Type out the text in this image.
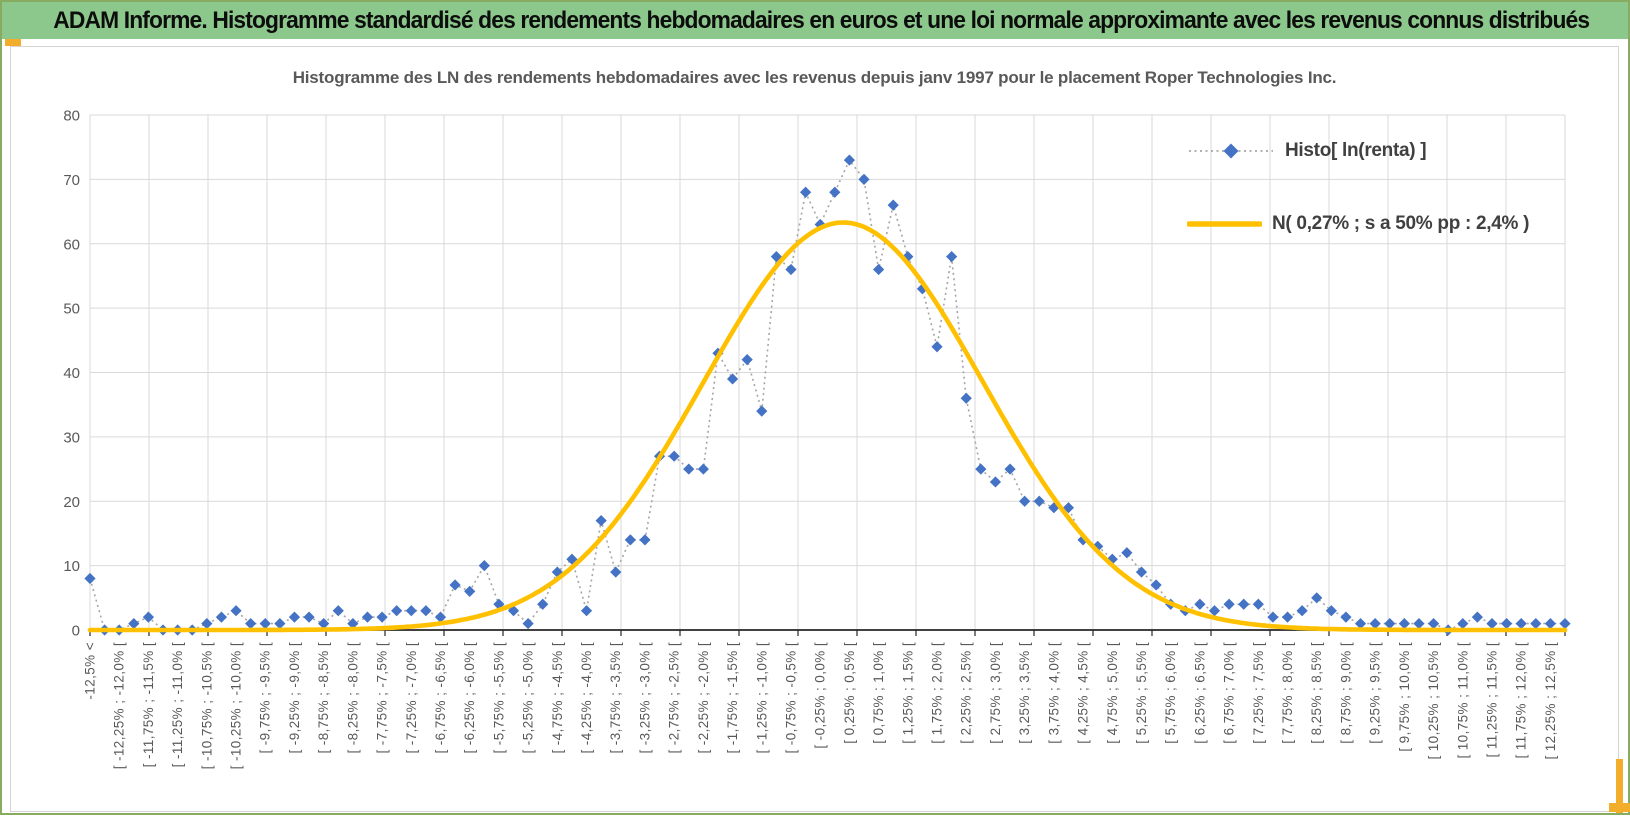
ADAM Informe. Histogramme standardisé des rendements hebdomadaires en euros et une loi normale approximante avec les revenus connus distribués
Histogramme des LN des rendements hebdomadaires avec les revenus depuis janv 1997 pour le placement Roper Technologies Inc.
0
10
20
30
40
50
60
70
80
-12,5% < [ -12,25% ; -12,0% [ [ -11,75% ; -11,5% [ [ -11,25% ; -11,0% [ [ -10,75% ; -10,5% [ [ -10,25% ; -10,0% [ [ -9,75% ; -9,5% [ [ -9,25% ; -9,0% [ [ -8,75% ; -8,5% [ [ -8,25% ; -8,0% [ [ -7,75% ; -7,5% [ [ -7,25% ; -7,0% [ [ -6,75% ; -6,5% [ [ -6,25% ; -6,0% [ [ -5,75% ; -5,5% [ [ -5,25% ; -5,0% [ [ -4,75% ; -4,5% [ [ -4,25% ; -4,0% [ [ -3,75% ; -3,5% [ [ -3,25% ; -3,0% [ [ -2,75% ; -2,5% [ [ -2,25% ; -2,0% [ [ -1,75% ; -1,5% [ [ -1,25% ; -1,0% [ [ -0,75% ; -0,5% [ [ -0,25% ; 0,0% [ [ 0,25% ; 0,5% [ [ 0,75% ; 1,0% [ [ 1,25% ; 1,5% [ [ 1,75% ; 2,0% [ [ 2,25% ; 2,5% [ [ 2,75% ; 3,0% [ [ 3,25% ; 3,5% [ [ 3,75% ; 4,0% [ [ 4,25% ; 4,5% [ [ 4,75% ; 5,0% [ [ 5,25% ; 5,5% [ [ 5,75% ; 6,0% [ [ 6,25% ; 6,5% [ [ 6,75% ; 7,0% [ [ 7,25% ; 7,5% [ [ 7,75% ; 8,0% [ [ 8,25% ; 8,5% [ [ 8,75% ; 9,0% [ [ 9,25% ; 9,5% [ [ 9,75% ; 10,0% [ [ 10,25% ; 10,5% [ [ 10,75% ; 11,0% [ [ 11,25% ; 11,5% [ [ 11,75% ; 12,0% [ [ 12,25% ; 12,5% [
Histo[ ln(renta) ]
N( 0,27% ; s a 50% pp : 2,4% )
